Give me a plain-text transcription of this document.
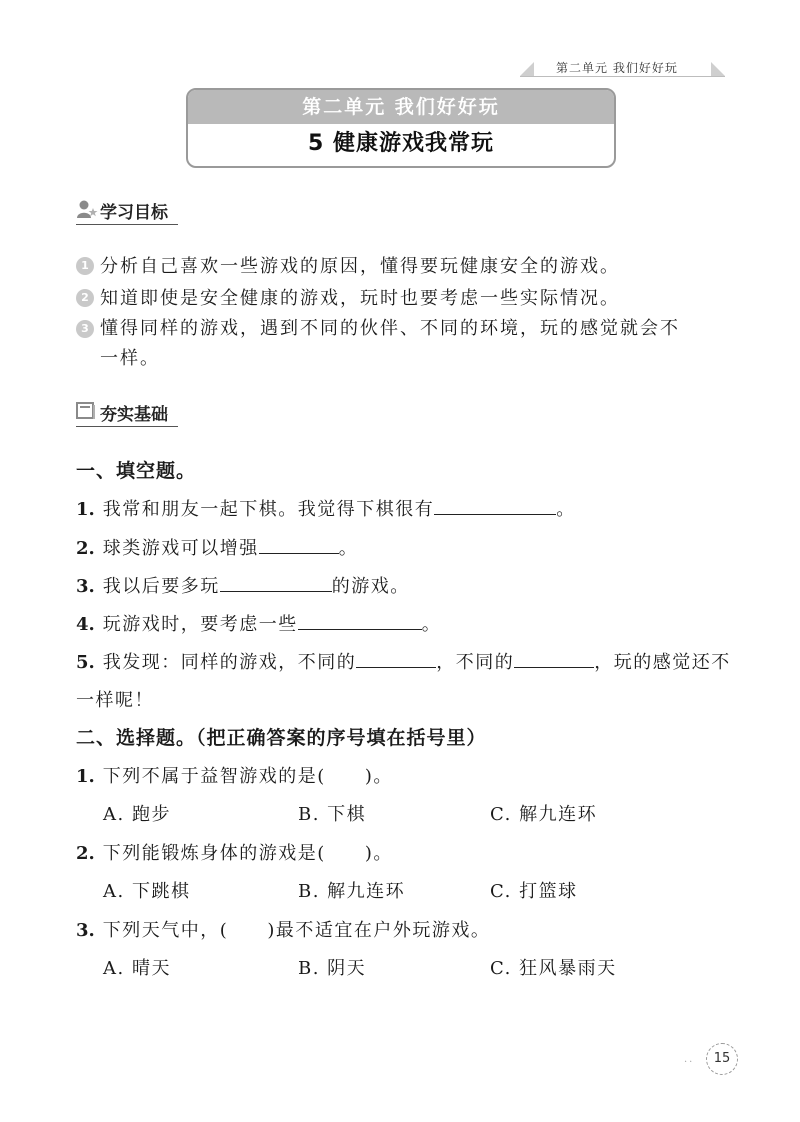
第二单元 我们好好玩
第二单元 我们好好玩
5 健康游戏我常玩
学习目标
1 分析自己喜欢一些游戏的原因，懂得要玩健康安全的游戏。
2 知道即使是安全健康的游戏，玩时也要考虑一些实际情况。
3 懂得同样的游戏，遇到不同的伙伴、不同的环境，玩的感觉就会不
一样。
夯实基础
一、填空题。
1. 我常和朋友一起下棋。我觉得下棋很有	。
2. 球类游戏可以增强	。
3. 我以后要多玩	的游戏。
4. 玩游戏时，要考虑一些	。
5. 我发现：同样的游戏，不同的	，不同的	，玩的感觉还不
一样呢！
二、选择题。（把正确答案的序号填在括号里）
1. 下列不属于益智游戏的是(　　)。
A. 跑步	B. 下棋	C. 解九连环
2. 下列能锻炼身体的游戏是(　　)。
A. 下跳棋	B. 解九连环	C. 打篮球
3. 下列天气中，(　　)最不适宜在户外玩游戏。
A. 晴天	B. 阴天	C. 狂风暴雨天
··	15
